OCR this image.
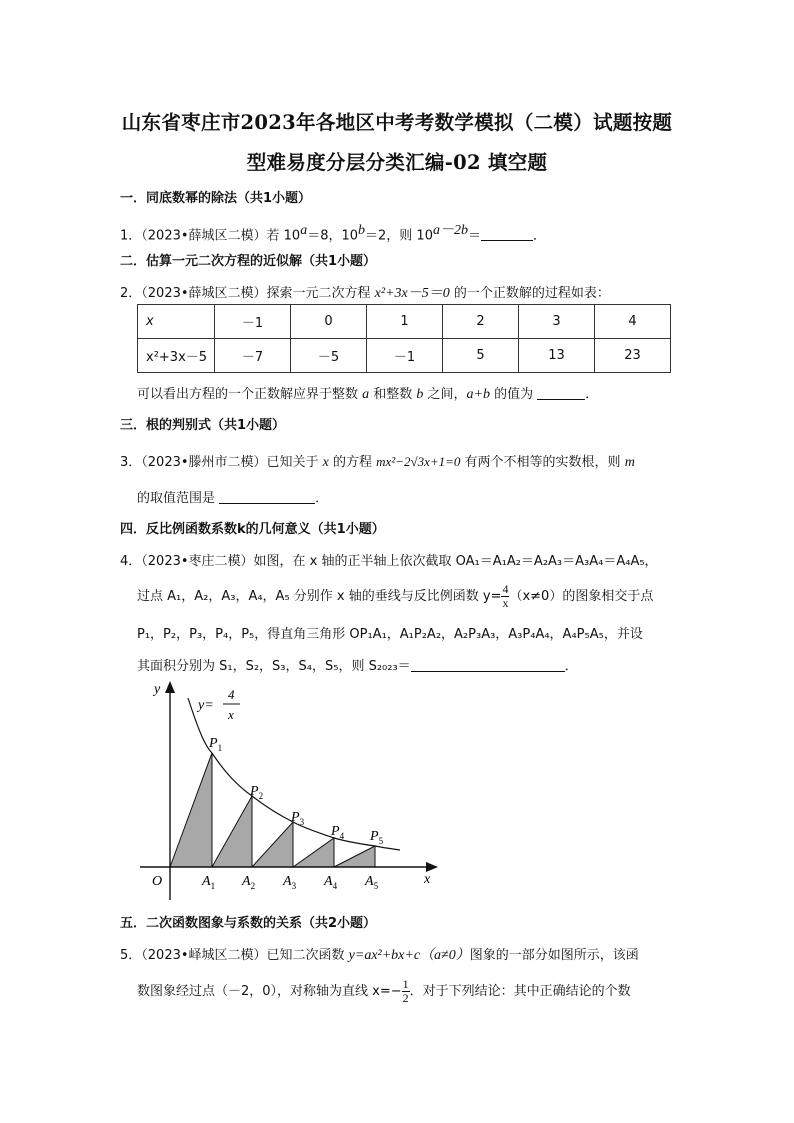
山东省枣庄市2023年各地区中考考数学模拟（二模）试题按题
型难易度分层分类汇编-02 填空题
一．同底数幂的除法（共1小题）
1．（2023•薛城区二模）若 $10^a=8$，$10^b=2$，则 $10^{a-2b}=$	．
二．估算一元二次方程的近似解（共1小题）
2．（2023•薛城区二模）探索一元二次方程 x²+3x－5＝0 的一个正数解的过程如表：
x	－1	0	1	2	3	4
x²+3x－5	－7	－5	－1	5	13	23
可以看出方程的一个正数解应界于整数 a 和整数 b 之间，a+b 的值为	．
三．根的判别式（共1小题）
3．（2023•滕州市二模）已知关于 x 的方程 mx²−2√3x+1=0 有两个不相等的实数根，则 m
的取值范围是	．
四．反比例函数系数k的几何意义（共1小题）
4．（2023•枣庄二模）如图，在 x 轴的正半轴上依次截取 OA₁＝A₁A₂＝A₂A₃＝A₃A₄＝A₄A₅，
过点 A₁，A₂，A₃，A₄，A₅ 分别作 x 轴的垂线与反比例函数 $y= \frac{4}{x} (x\ne 0)$的图象相交于点
P₁，P₂，P₃，P₄，P₅，得直角三角形 OP₁A₁，A₁P₂A₂，A₂P₃A₃，A₃P₄A₄，A₄P₅A₅，并设
其面积分别为 S₁，S₂，S₃，S₄，S₅，则 S₂₀₂₃＝	．
y
x
O
y=
4
x
$P_1$
$P_2$
$P_3$
$P_4$ $P_5$
$A_1$ $A_2$ $A_3$ $A_4$ $A_5$
五．二次函数图象与系数的关系（共2小题）
5．（2023•峄城区二模）已知二次函数 y=ax²+bx+c（a≠0）图象的一部分如图所示，该函
数图象经过点（－2，0），对称轴为直线 $x=- \frac{1}{2}$ ．对于下列结论：其中正确结论的个数
